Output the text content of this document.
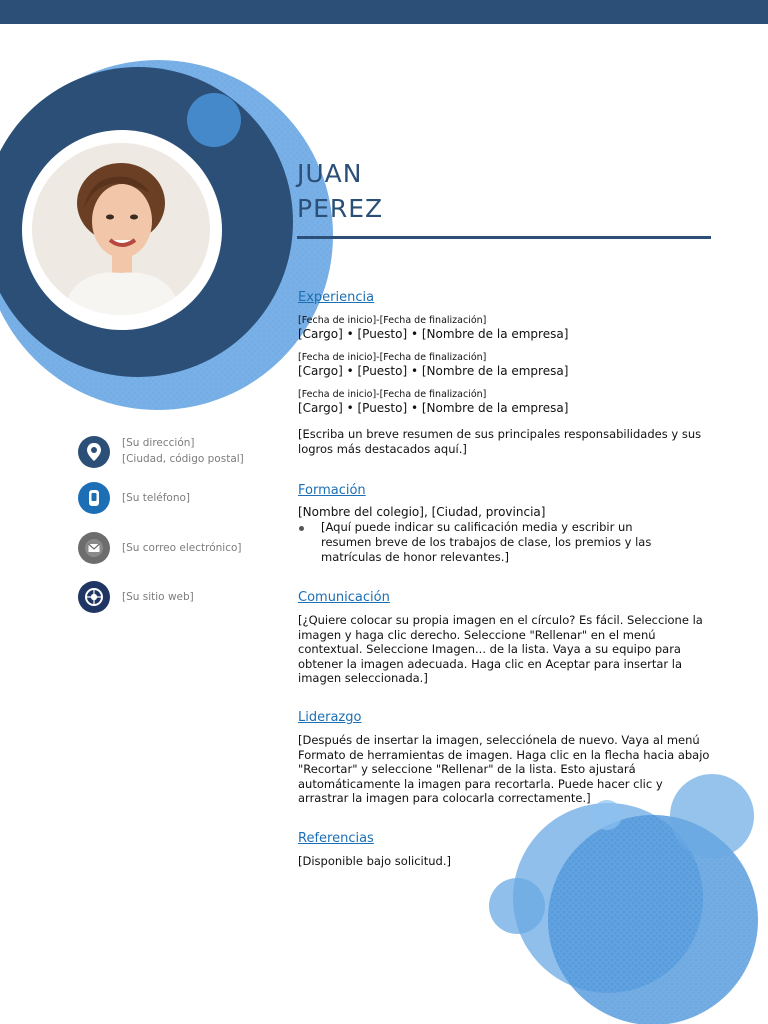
JUAN
PEREZ
[Su dirección]
[Ciudad, código postal]
[Su teléfono]
[Su correo electrónico]
[Su sitio web]
Experiencia
[Fecha de inicio]-[Fecha de finalización]
[Cargo] • [Puesto] • [Nombre de la empresa]
[Fecha de inicio]-[Fecha de finalización]
[Cargo] • [Puesto] • [Nombre de la empresa]
[Fecha de inicio]-[Fecha de finalización]
[Cargo] • [Puesto] • [Nombre de la empresa]
[Escriba un breve resumen de sus principales responsabilidades y sus logros más destacados aquí.]
Formación
[Nombre del colegio], [Ciudad, provincia]
[Aquí puede indicar su calificación media y escribir un resumen breve de los trabajos de clase, los premios y las matrículas de honor relevantes.]
Comunicación
[¿Quiere colocar su propia imagen en el círculo? Es fácil. Seleccione la imagen y haga clic derecho. Seleccione "Rellenar" en el menú contextual. Seleccione Imagen... de la lista. Vaya a su equipo para obtener la imagen adecuada. Haga clic en Aceptar para insertar la imagen seleccionada.]
Liderazgo
[Después de insertar la imagen, selecciónela de nuevo. Vaya al menú Formato de herramientas de imagen. Haga clic en la flecha hacia abajo "Recortar" y seleccione "Rellenar" de la lista. Esto ajustará automáticamente la imagen para recortarla. Puede hacer clic y arrastrar la imagen para colocarla correctamente.]
Referencias
[Disponible bajo solicitud.]
